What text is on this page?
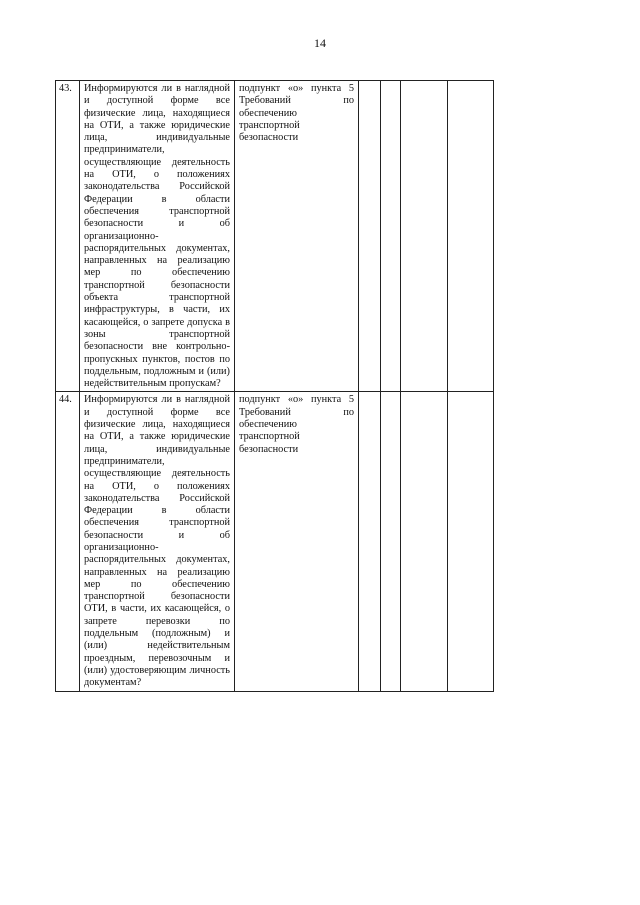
14
43.	Информируются ли в наглядной и доступной форме все физические лица, находящиеся на ОТИ, а также юридические лица, индивидуальные предприниматели, осуществляющие деятельность на ОТИ, о положениях законодательства Российской Федерации в области обеспечения транспортной безопасности и об организационно-распорядительных документах, направленных на реализацию мер по обеспечению транспортной безопасности объекта транспортной инфраструктуры, в части, их касающейся, о запрете допуска в зоны транспортной безопасности вне контрольно-пропускных пунктов, постов по поддельным, подложным и (или) недействительным пропускам?	подпункт «о» пункта 5 Требований по обеспечению транспортной безопасности				
44.	Информируются ли в наглядной и доступной форме все физические лица, находящиеся на ОТИ, а также юридические лица, индивидуальные предприниматели, осуществляющие деятельность на ОТИ, о положениях законодательства Российской Федерации в области обеспечения транспортной безопасности и об организационно-распорядительных документах, направленных на реализацию мер по обеспечению транспортной безопасности ОТИ, в части, их касающейся, о запрете перевозки по поддельным (подложным) и (или) недействительным проездным, перевозочным и (или) удостоверяющим личность документам?	подпункт «о» пункта 5 Требований по обеспечению транспортной безопасности				
